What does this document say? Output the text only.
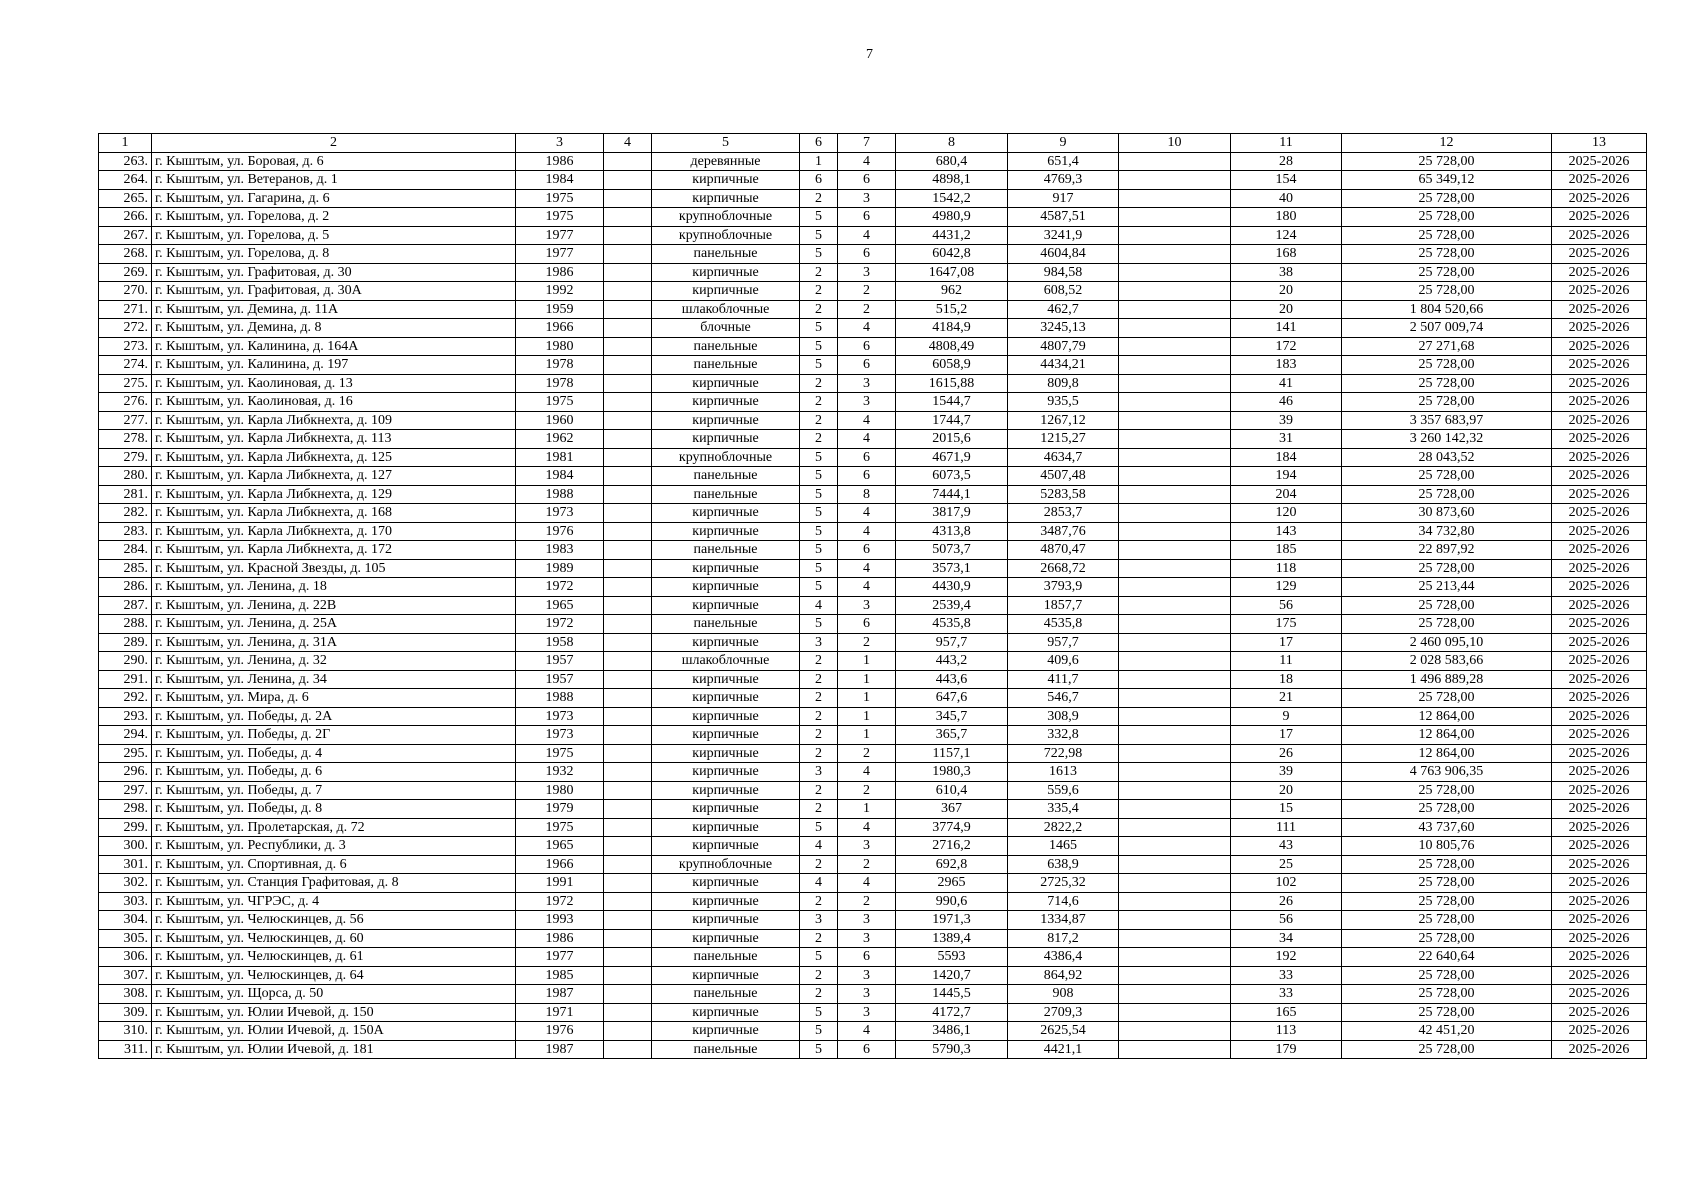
7
1	2	3	4	5	6	7	8	9	10	11	12	13
263.	г. Кыштым, ул. Боровая, д. 6	1986		деревянные	1	4	680,4	651,4		28	25 728,00	2025-2026
264.	г. Кыштым, ул. Ветеранов, д. 1	1984		кирпичные	6	6	4898,1	4769,3		154	65 349,12	2025-2026
265.	г. Кыштым, ул. Гагарина, д. 6	1975		кирпичные	2	3	1542,2	917		40	25 728,00	2025-2026
266.	г. Кыштым, ул. Горелова, д. 2	1975		крупноблочные	5	6	4980,9	4587,51		180	25 728,00	2025-2026
267.	г. Кыштым, ул. Горелова, д. 5	1977		крупноблочные	5	4	4431,2	3241,9		124	25 728,00	2025-2026
268.	г. Кыштым, ул. Горелова, д. 8	1977		панельные	5	6	6042,8	4604,84		168	25 728,00	2025-2026
269.	г. Кыштым, ул. Графитовая, д. 30	1986		кирпичные	2	3	1647,08	984,58		38	25 728,00	2025-2026
270.	г. Кыштым, ул. Графитовая, д. 30А	1992		кирпичные	2	2	962	608,52		20	25 728,00	2025-2026
271.	г. Кыштым, ул. Демина, д. 11А	1959		шлакоблочные	2	2	515,2	462,7		20	1 804 520,66	2025-2026
272.	г. Кыштым, ул. Демина, д. 8	1966		блочные	5	4	4184,9	3245,13		141	2 507 009,74	2025-2026
273.	г. Кыштым, ул. Калинина, д. 164А	1980		панельные	5	6	4808,49	4807,79		172	27 271,68	2025-2026
274.	г. Кыштым, ул. Калинина, д. 197	1978		панельные	5	6	6058,9	4434,21		183	25 728,00	2025-2026
275.	г. Кыштым, ул. Каолиновая, д. 13	1978		кирпичные	2	3	1615,88	809,8		41	25 728,00	2025-2026
276.	г. Кыштым, ул. Каолиновая, д. 16	1975		кирпичные	2	3	1544,7	935,5		46	25 728,00	2025-2026
277.	г. Кыштым, ул. Карла Либкнехта, д. 109	1960		кирпичные	2	4	1744,7	1267,12		39	3 357 683,97	2025-2026
278.	г. Кыштым, ул. Карла Либкнехта, д. 113	1962		кирпичные	2	4	2015,6	1215,27		31	3 260 142,32	2025-2026
279.	г. Кыштым, ул. Карла Либкнехта, д. 125	1981		крупноблочные	5	6	4671,9	4634,7		184	28 043,52	2025-2026
280.	г. Кыштым, ул. Карла Либкнехта, д. 127	1984		панельные	5	6	6073,5	4507,48		194	25 728,00	2025-2026
281.	г. Кыштым, ул. Карла Либкнехта, д. 129	1988		панельные	5	8	7444,1	5283,58		204	25 728,00	2025-2026
282.	г. Кыштым, ул. Карла Либкнехта, д. 168	1973		кирпичные	5	4	3817,9	2853,7		120	30 873,60	2025-2026
283.	г. Кыштым, ул. Карла Либкнехта, д. 170	1976		кирпичные	5	4	4313,8	3487,76		143	34 732,80	2025-2026
284.	г. Кыштым, ул. Карла Либкнехта, д. 172	1983		панельные	5	6	5073,7	4870,47		185	22 897,92	2025-2026
285.	г. Кыштым, ул. Красной Звезды, д. 105	1989		кирпичные	5	4	3573,1	2668,72		118	25 728,00	2025-2026
286.	г. Кыштым, ул. Ленина, д. 18	1972		кирпичные	5	4	4430,9	3793,9		129	25 213,44	2025-2026
287.	г. Кыштым, ул. Ленина, д. 22В	1965		кирпичные	4	3	2539,4	1857,7		56	25 728,00	2025-2026
288.	г. Кыштым, ул. Ленина, д. 25А	1972		панельные	5	6	4535,8	4535,8		175	25 728,00	2025-2026
289.	г. Кыштым, ул. Ленина, д. 31А	1958		кирпичные	3	2	957,7	957,7		17	2 460 095,10	2025-2026
290.	г. Кыштым, ул. Ленина, д. 32	1957		шлакоблочные	2	1	443,2	409,6		11	2 028 583,66	2025-2026
291.	г. Кыштым, ул. Ленина, д. 34	1957		кирпичные	2	1	443,6	411,7		18	1 496 889,28	2025-2026
292.	г. Кыштым, ул. Мира, д. 6	1988		кирпичные	2	1	647,6	546,7		21	25 728,00	2025-2026
293.	г. Кыштым, ул. Победы, д. 2А	1973		кирпичные	2	1	345,7	308,9		9	12 864,00	2025-2026
294.	г. Кыштым, ул. Победы, д. 2Г	1973		кирпичные	2	1	365,7	332,8		17	12 864,00	2025-2026
295.	г. Кыштым, ул. Победы, д. 4	1975		кирпичные	2	2	1157,1	722,98		26	12 864,00	2025-2026
296.	г. Кыштым, ул. Победы, д. 6	1932		кирпичные	3	4	1980,3	1613		39	4 763 906,35	2025-2026
297.	г. Кыштым, ул. Победы, д. 7	1980		кирпичные	2	2	610,4	559,6		20	25 728,00	2025-2026
298.	г. Кыштым, ул. Победы, д. 8	1979		кирпичные	2	1	367	335,4		15	25 728,00	2025-2026
299.	г. Кыштым, ул. Пролетарская, д. 72	1975		кирпичные	5	4	3774,9	2822,2		111	43 737,60	2025-2026
300.	г. Кыштым, ул. Республики, д. 3	1965		кирпичные	4	3	2716,2	1465		43	10 805,76	2025-2026
301.	г. Кыштым, ул. Спортивная, д. 6	1966		крупноблочные	2	2	692,8	638,9		25	25 728,00	2025-2026
302.	г. Кыштым, ул. Станция Графитовая, д. 8	1991		кирпичные	4	4	2965	2725,32		102	25 728,00	2025-2026
303.	г. Кыштым, ул. ЧГРЭС, д. 4	1972		кирпичные	2	2	990,6	714,6		26	25 728,00	2025-2026
304.	г. Кыштым, ул. Челюскинцев, д. 56	1993		кирпичные	3	3	1971,3	1334,87		56	25 728,00	2025-2026
305.	г. Кыштым, ул. Челюскинцев, д. 60	1986		кирпичные	2	3	1389,4	817,2		34	25 728,00	2025-2026
306.	г. Кыштым, ул. Челюскинцев, д. 61	1977		панельные	5	6	5593	4386,4		192	22 640,64	2025-2026
307.	г. Кыштым, ул. Челюскинцев, д. 64	1985		кирпичные	2	3	1420,7	864,92		33	25 728,00	2025-2026
308.	г. Кыштым, ул. Щорса, д. 50	1987		панельные	2	3	1445,5	908		33	25 728,00	2025-2026
309.	г. Кыштым, ул. Юлии Ичевой, д. 150	1971		кирпичные	5	3	4172,7	2709,3		165	25 728,00	2025-2026
310.	г. Кыштым, ул. Юлии Ичевой, д. 150А	1976		кирпичные	5	4	3486,1	2625,54		113	42 451,20	2025-2026
311.	г. Кыштым, ул. Юлии Ичевой, д. 181	1987		панельные	5	6	5790,3	4421,1		179	25 728,00	2025-2026
